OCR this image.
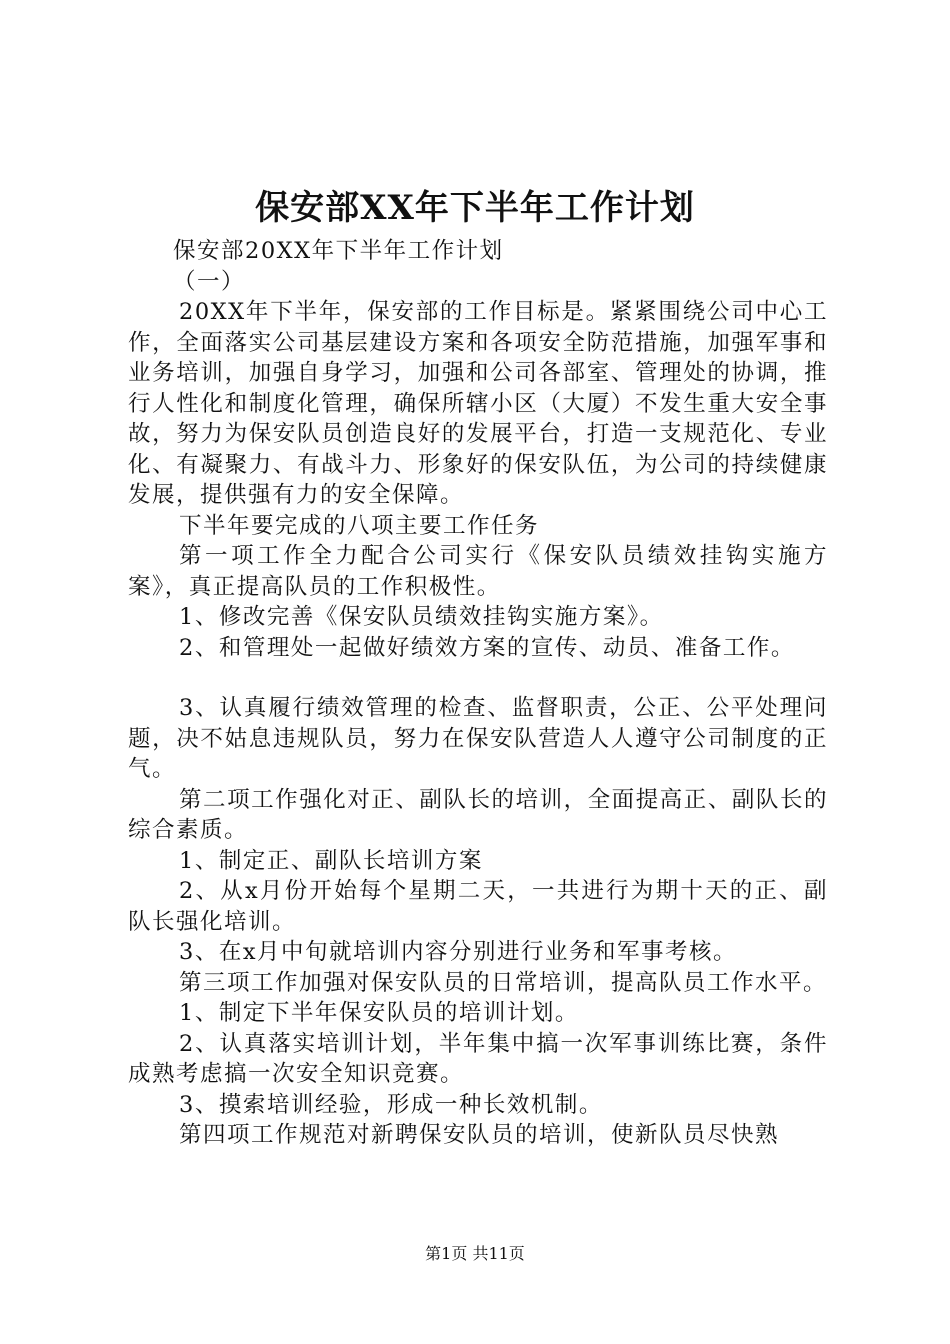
保安部XX年下半年工作计划

保安部20XX年下半年工作计划

（一）

20XX年下半年，保安部的工作目标是。紧紧围绕公司中心工作，全面落实公司基层建设方案和各项安全防范措施，加强军事和业务培训，加强自身学习，加强和公司各部室、管理处的协调，推行人性化和制度化管理，确保所辖小区（大厦）不发生重大安全事故，努力为保安队员创造良好的发展平台，打造一支规范化、专业化、有凝聚力、有战斗力、形象好的保安队伍，为公司的持续健康发展，提供强有力的安全保障。

下半年要完成的八项主要工作任务

第一项工作全力配合公司实行《保安队员绩效挂钩实施方案》，真正提高队员的工作积极性。

1、修改完善《保安队员绩效挂钩实施方案》。

2、和管理处一起做好绩效方案的宣传、动员、准备工作。

3、认真履行绩效管理的检查、监督职责，公正、公平处理问题，决不姑息违规队员，努力在保安队营造人人遵守公司制度的正气。

第二项工作强化对正、副队长的培训，全面提高正、副队长的综合素质。

1、制定正、副队长培训方案

2、从x月份开始每个星期二天，一共进行为期十天的正、副队长强化培训。

3、在x月中旬就培训内容分别进行业务和军事考核。

第三项工作加强对保安队员的日常培训，提高队员工作水平。

1、制定下半年保安队员的培训计划。

2、认真落实培训计划，半年集中搞一次军事训练比赛，条件成熟考虑搞一次安全知识竞赛。

3、摸索培训经验，形成一种长效机制。

第四项工作规范对新聘保安队员的培训，使新队员尽快熟

第1页 共11页
